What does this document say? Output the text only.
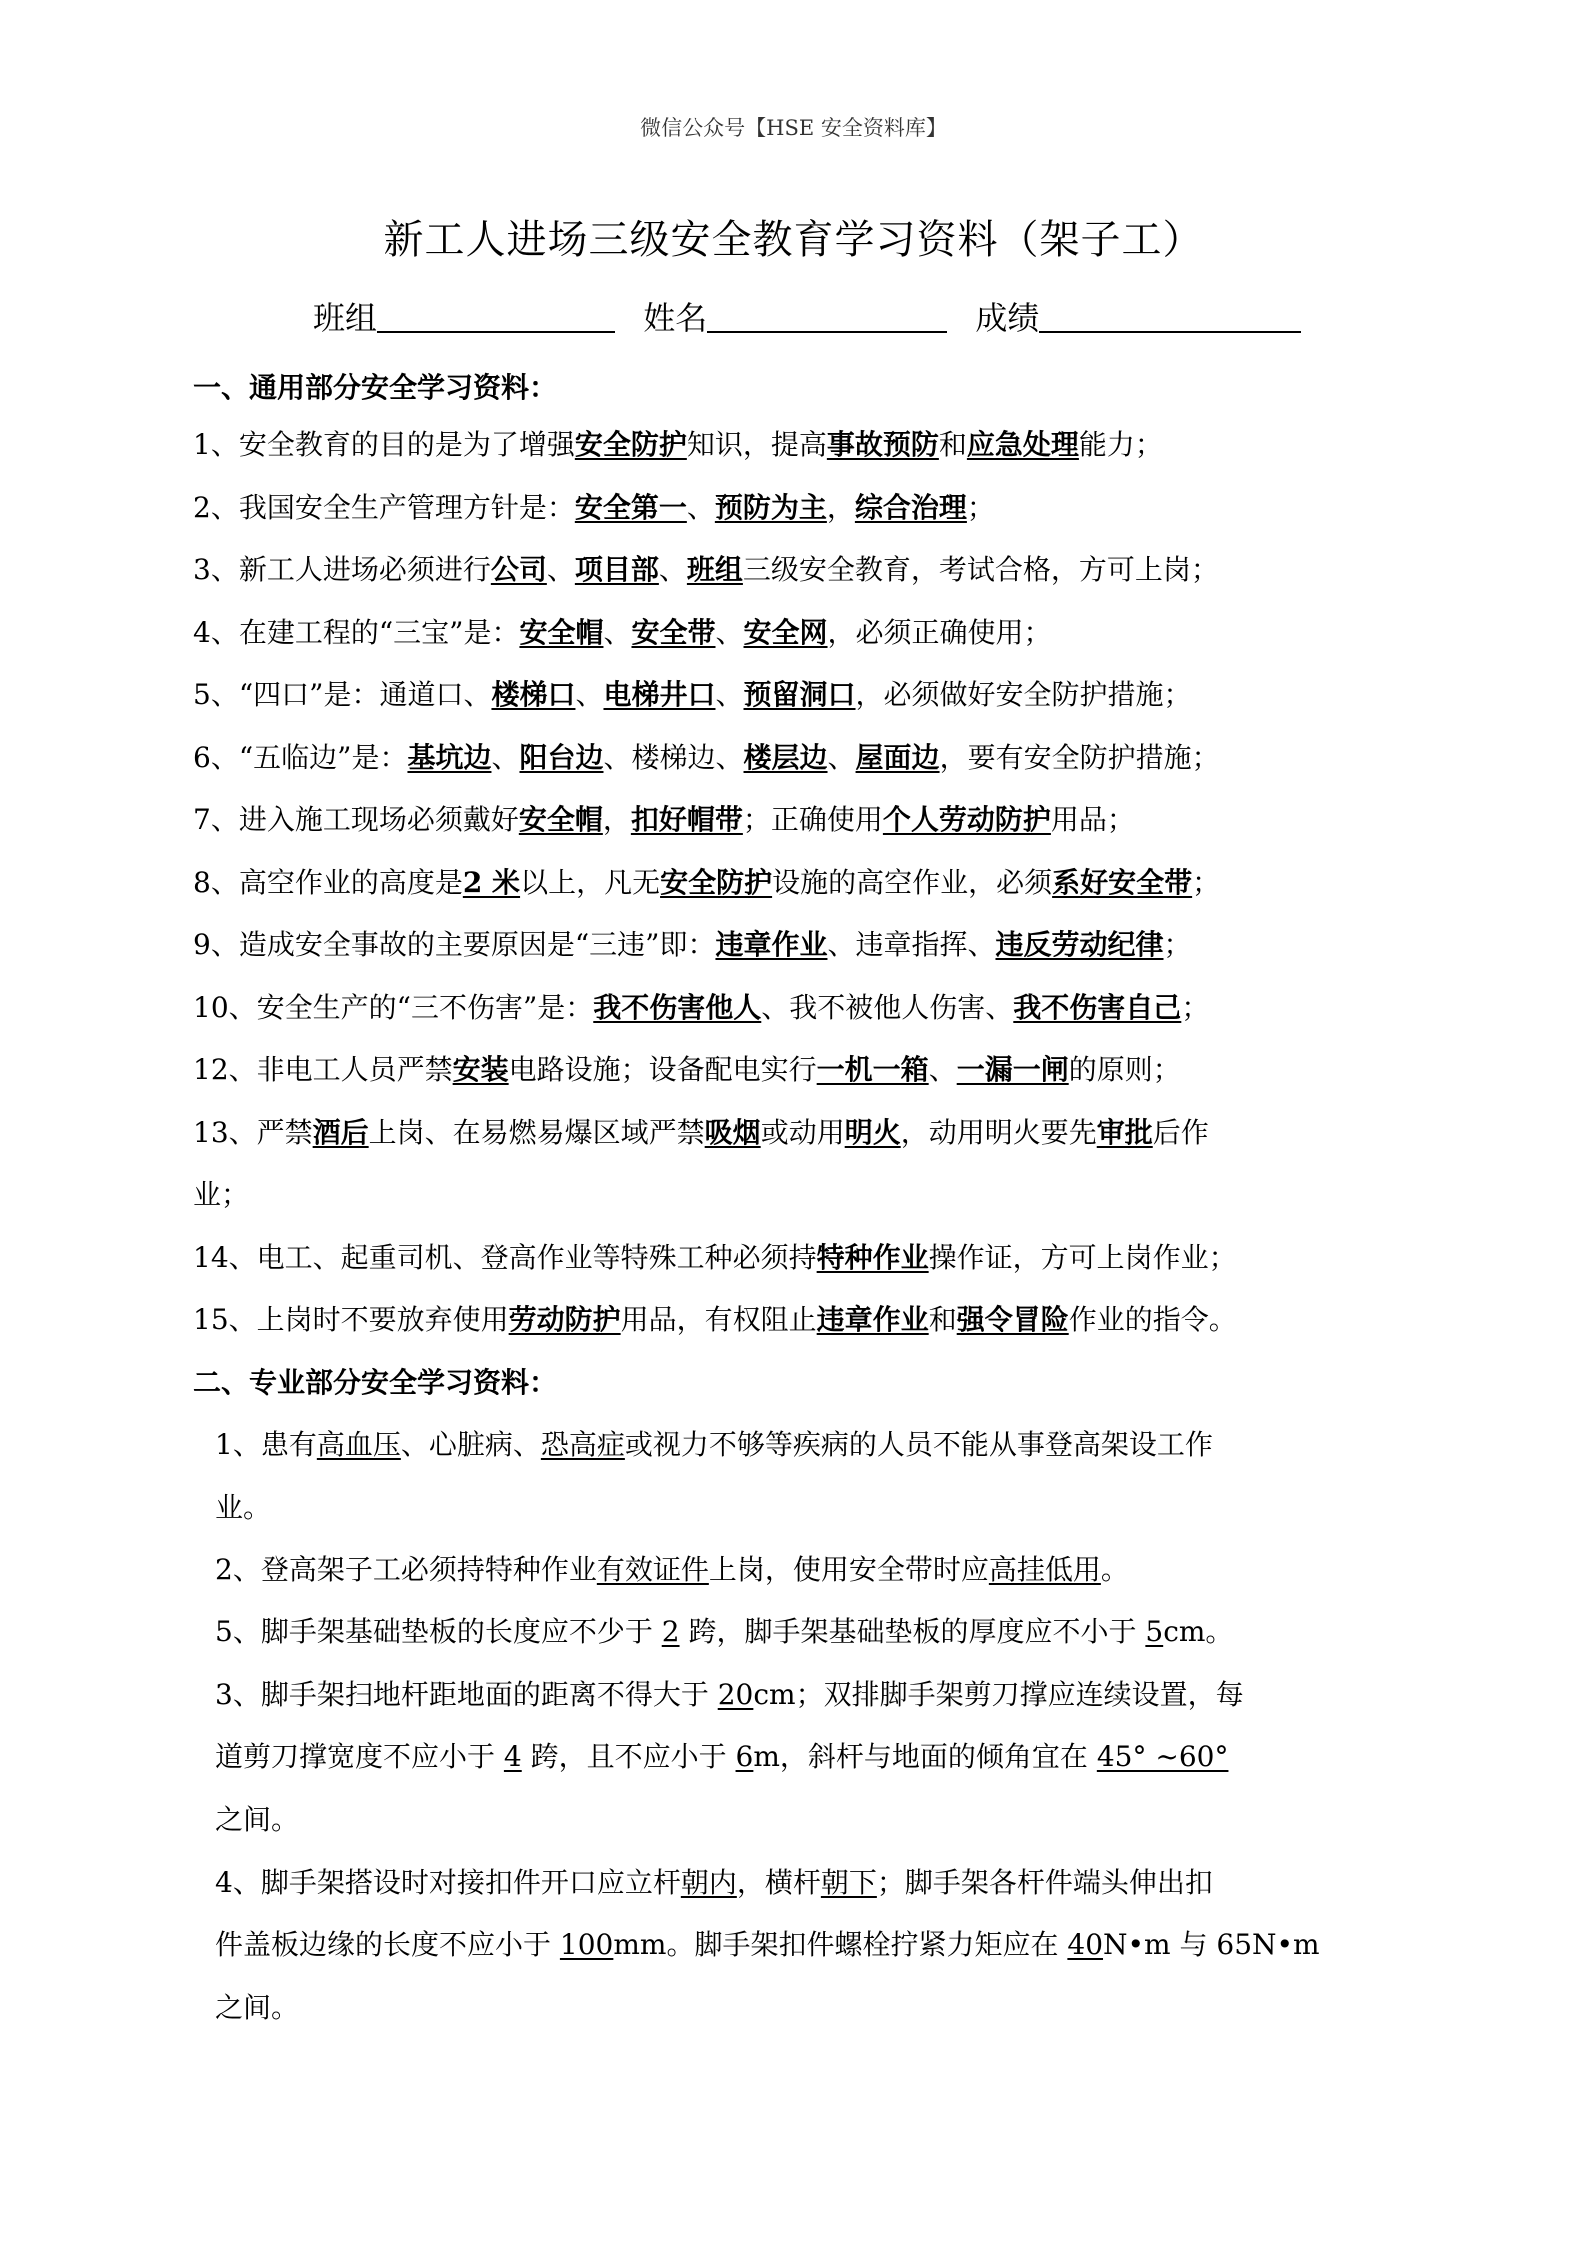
微信公众号【HSE 安全资料库】
新工人进场三级安全教育学习资料（架子工）
班组	姓名	成绩
一、通用部分安全学习资料：
1、安全教育的目的是为了增强安全防护知识，提高事故预防和应急处理能力；
2、我国安全生产管理方针是：安全第一、预防为主，综合治理；
3、新工人进场必须进行公司、项目部、班组三级安全教育，考试合格，方可上岗；
4、在建工程的“三宝”是：安全帽、安全带、安全网，必须正确使用；
5、“四口”是：通道口、楼梯口、电梯井口、预留洞口，必须做好安全防护措施；
6、“五临边”是：基坑边、阳台边、楼梯边、楼层边、屋面边，要有安全防护措施；
7、进入施工现场必须戴好安全帽，扣好帽带；正确使用个人劳动防护用品；
8、高空作业的高度是2 米以上，凡无安全防护设施的高空作业，必须系好安全带；
9、造成安全事故的主要原因是“三违”即：违章作业、违章指挥、违反劳动纪律；
10、安全生产的“三不伤害”是：我不伤害他人、我不被他人伤害、我不伤害自己；
12、非电工人员严禁安装电路设施；设备配电实行一机一箱、一漏一闸的原则；
13、严禁酒后上岗、在易燃易爆区域严禁吸烟或动用明火，动用明火要先审批后作
业；
14、电工、起重司机、登高作业等特殊工种必须持特种作业操作证，方可上岗作业；
15、上岗时不要放弃使用劳动防护用品，有权阻止违章作业和强令冒险作业的指令。
二、专业部分安全学习资料：
1、患有高血压、心脏病、恐高症或视力不够等疾病的人员不能从事登高架设工作
业。
2、登高架子工必须持特种作业有效证件上岗，使用安全带时应高挂低用。
5、脚手架基础垫板的长度应不少于 2 跨，脚手架基础垫板的厚度应不小于 5cm。
3、脚手架扫地杆距地面的距离不得大于 20cm；双排脚手架剪刀撑应连续设置，每
道剪刀撑宽度不应小于 4 跨，且不应小于 6m，斜杆与地面的倾角宜在 45° ~60°
之间。
4、脚手架搭设时对接扣件开口应立杆朝内，横杆朝下；脚手架各杆件端头伸出扣
件盖板边缘的长度不应小于 100mm。脚手架扣件螺栓拧紧力矩应在 40N•m 与 65N•m
之间。
